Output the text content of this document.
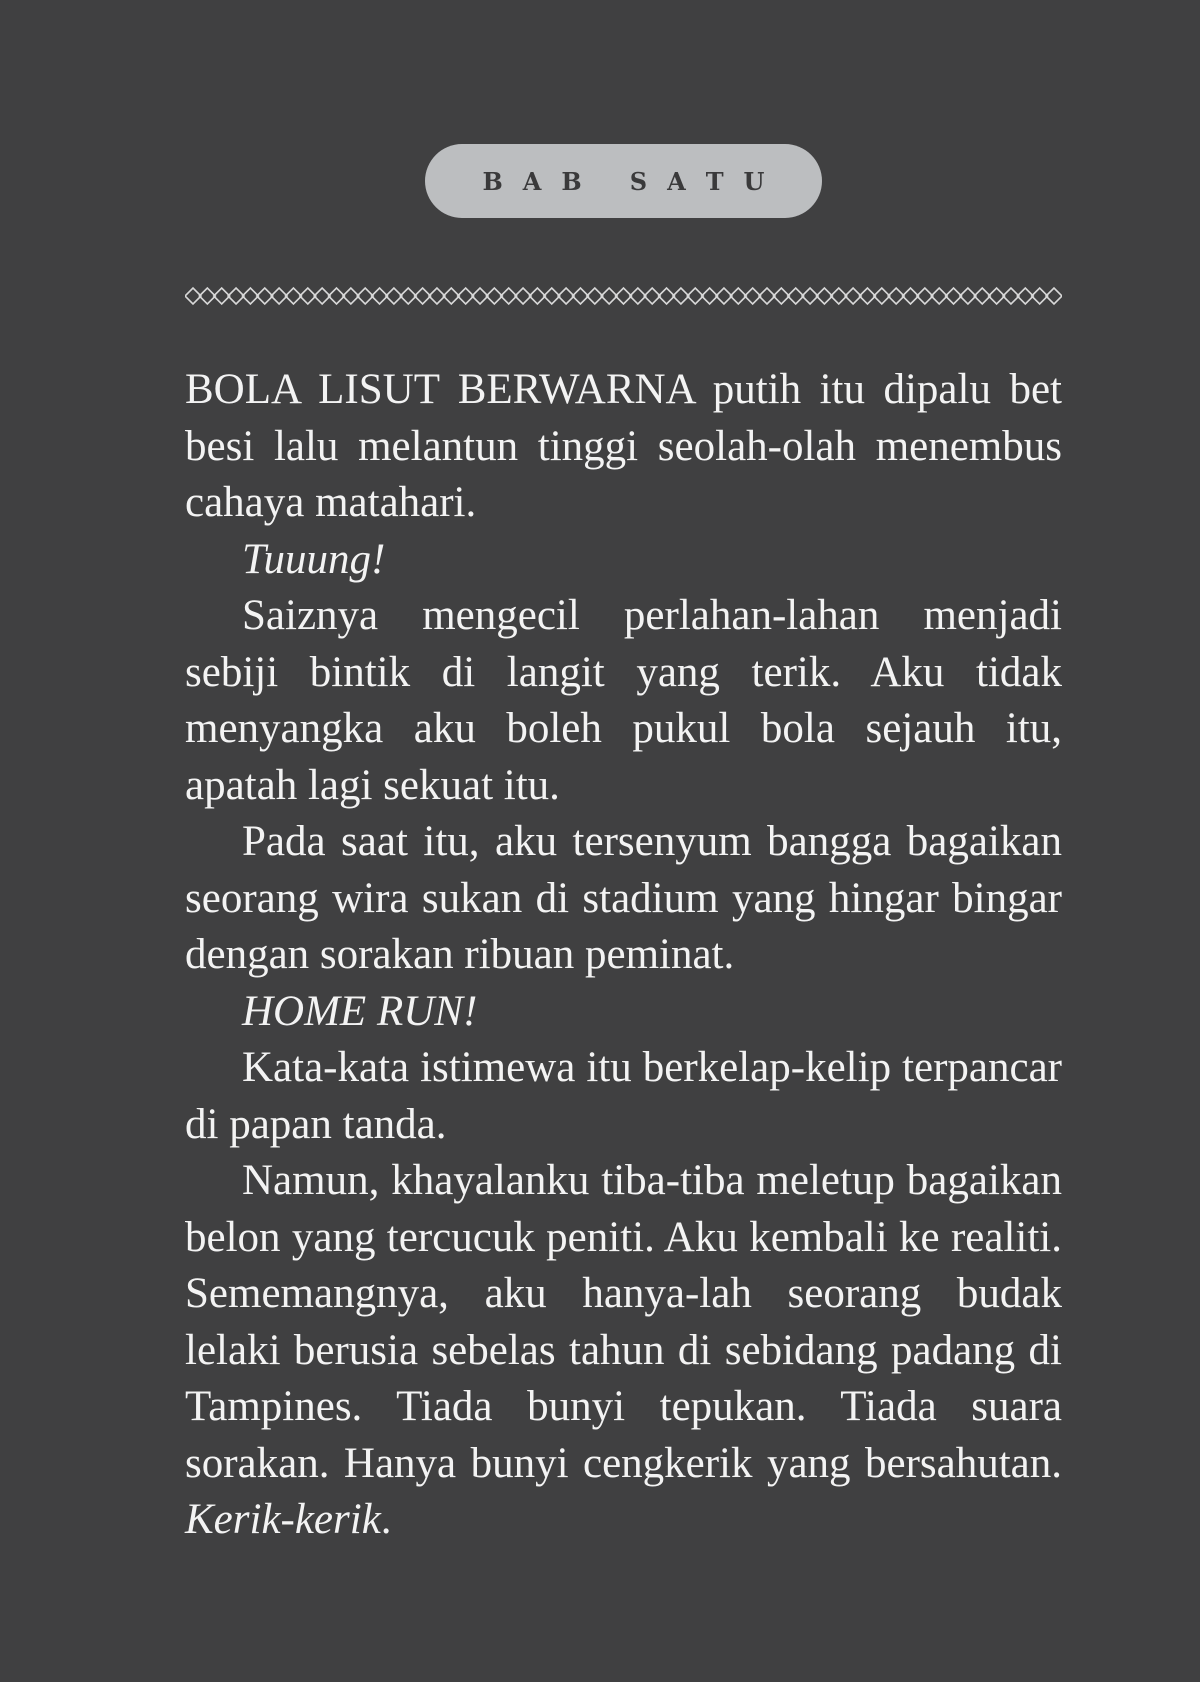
B A B S A T U

BOLA LISUT BERWARNA putih itu dipalu bet besi lalu melantun tinggi seolah-olah menembus cahaya matahari.

Tuuung!

Saiznya mengecil perlahan-lahan menjadi sebiji bintik di langit yang terik. Aku tidak menyangka aku boleh pukul bola sejauh itu, apatah lagi sekuat itu.

Pada saat itu, aku tersenyum bangga bagaikan seorang wira sukan di stadium yang hingar bingar dengan sorakan ribuan peminat.

HOME RUN!

Kata-kata istimewa itu berkelap-kelip terpancar di papan tanda.

Namun, khayalanku tiba-tiba meletup bagaikan belon yang tercucuk peniti. Aku kembali ke realiti. Sememangnya, aku hanya-lah seorang budak lelaki berusia sebelas tahun di sebidang padang di Tampines. Tiada bunyi tepukan. Tiada suara sorakan. Hanya bunyi cengkerik yang bersahutan. Kerik-kerik.
